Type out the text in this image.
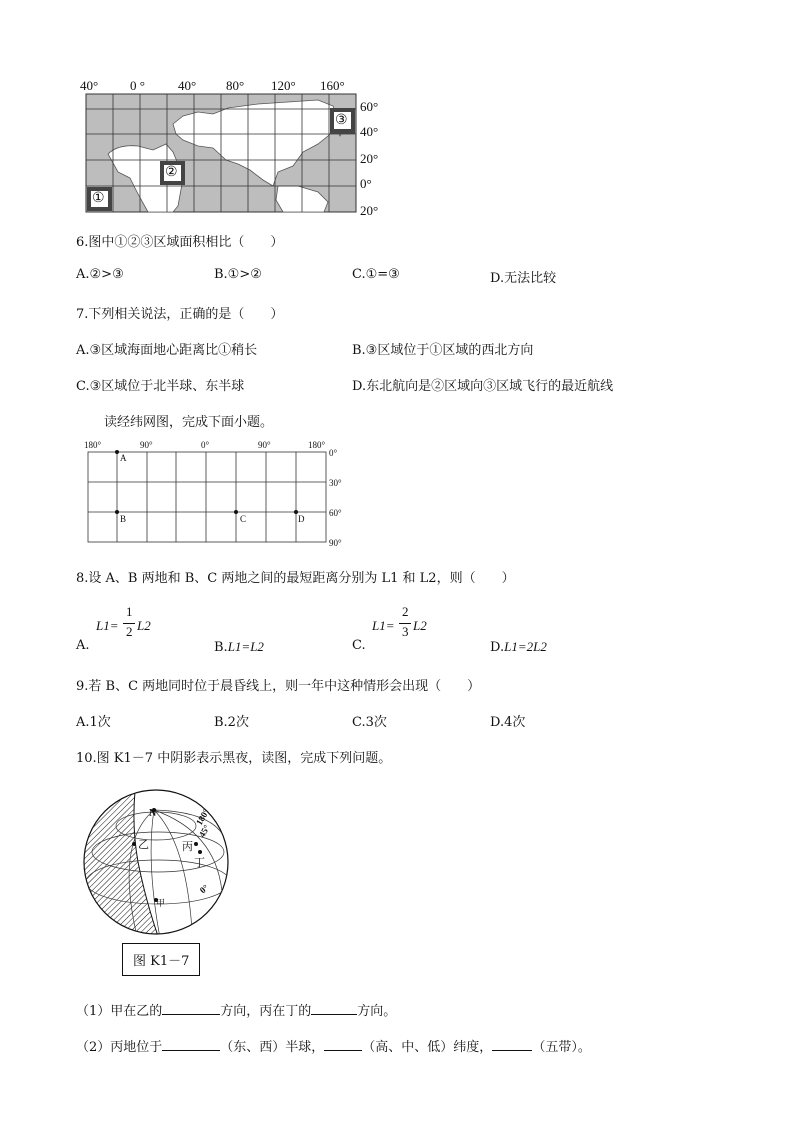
40° 0 °	40° 80° 120° 160°
60°
40°
20°
0°
20°
①
②
③
6.图中①②③区域面积相比（　　）
A.②>③	B.①>②	C.①=③	D.无法比较
7.下列相关说法，正确的是（　　）
A.③区域海面地心距离比①稍长	B.③区域位于①区域的西北方向
C.③区域位于北半球、东半球	D.东北航向是②区域向③区域飞行的最近航线
读经纬网图，完成下面小题。
180°	90°	0°	90°	180°
0°
30°
60°
90°
A
B	C	D
8.设 A、B 两地和 B、C 两地之间的最短距离分别为 L1 和 L2，则（　　）
L1=
1
2 L2
A.	B.L1=L2
L1=
2
3 L2
C.	D.L1=2L2
9.若 B、C 两地同时位于晨昏线上，则一年中这种情形会出现（　　）
A.1次	B.2次	C.3次	D.4次
10.图 K1－7 中阴影表示黑夜，读图，完成下列问题。
N
乙	丙
丁
甲
180°
45°
0°
图 K1－7
（1）甲在乙的	方向，丙在丁的	方向。
（2）丙地位于	（东、西）半球，	（高、中、低）纬度，	（五带）。
